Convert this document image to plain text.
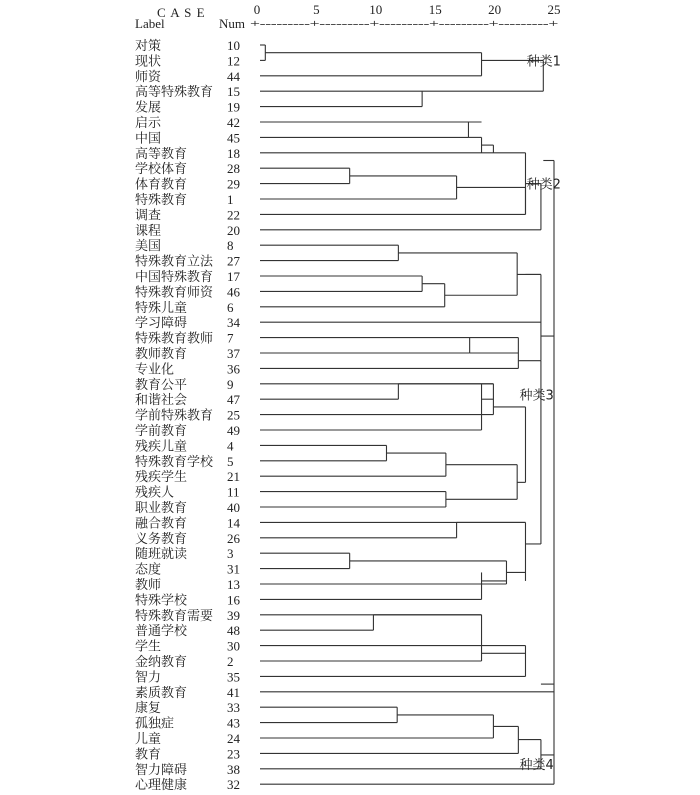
C A S E
Label	Num +---------+---------+---------+---------+---------+
0	5	10	15	20	25
对策	10
现状	12
师资	44
高等特殊教育 15
发展	19
启示	42
中国	45
高等教育	18
学校体育	28
体育教育	29
特殊教育	1
调查	22
课程	20
美国	8
特殊教育立法 27
中国特殊教育 17
特殊教育师资 46
特殊儿童	6
学习障碍	34
特殊教育教师 7
教师教育	37
专业化	36
教育公平	9
和谐社会	47
学前特殊教育 25
学前教育	49
残疾儿童	4
特殊教育学校 5
残疾学生	21
残疾人	11
职业教育	40
融合教育	14
义务教育	26
随班就读	3
态度	31
教师	13
特殊学校	16
特殊教育需要 39
普通学校	48
学生	30
金纳教育	2
智力	35
素质教育	41
康复	33
孤独症	43
儿童	24
教育	23
智力障碍	38
心理健康	32
种类1
种类2
种类3
种类4
